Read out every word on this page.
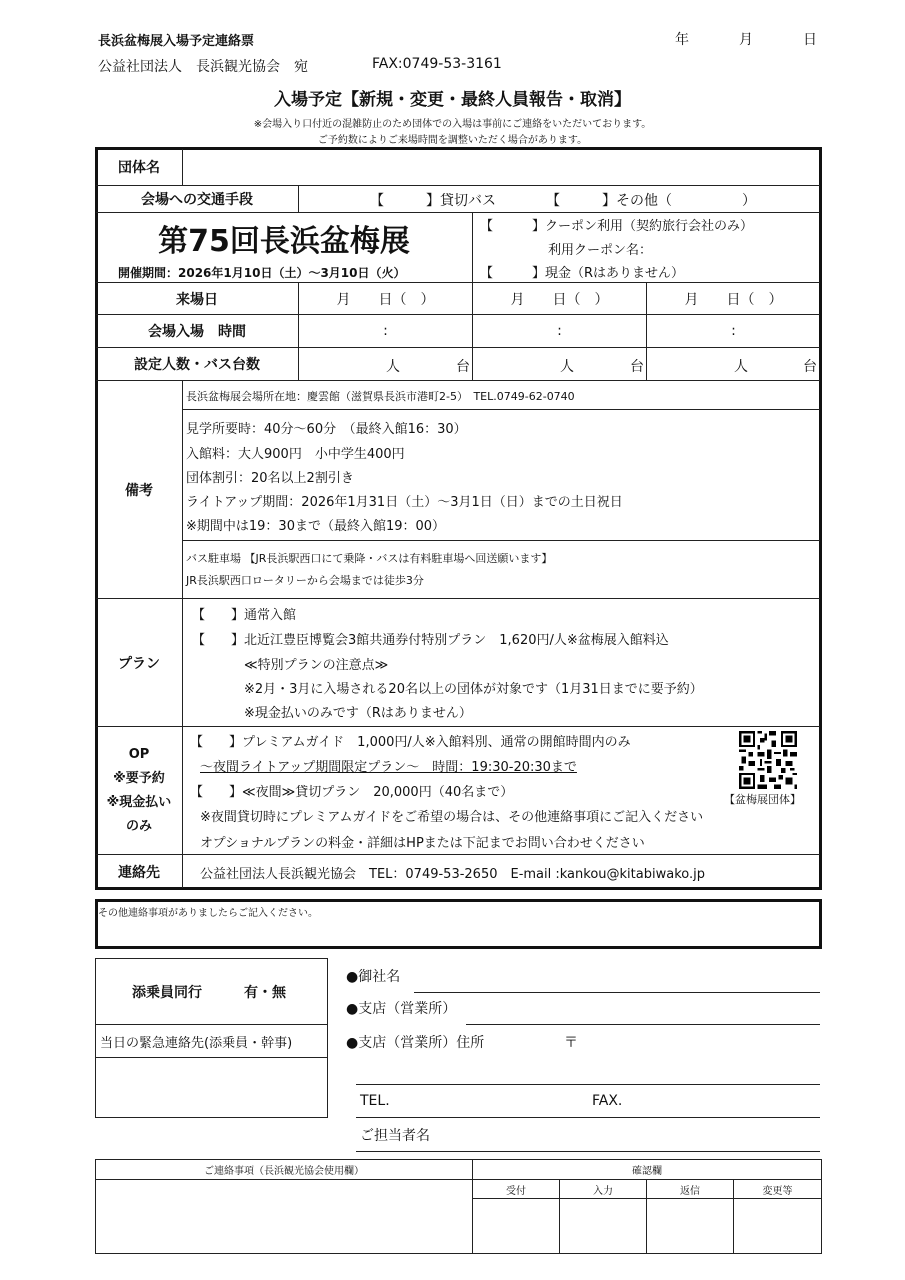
長浜盆梅展入場予定連絡票	年	月	日
公益社団法人　長浜観光協会　宛	FAX:0749-53-3161
入場予定【新規・変更・最終人員報告・取消】
※会場入り口付近の混雑防止のため団体での入場は事前にご連絡をいただいております。
ご予約数によりご来場時間を調整いただく場合があります。
団体名
会場への交通手段	【　　　】貸切バス	【　　　】その他（　　　　　）
第75回長浜盆梅展
開催期間：2026年1月10日（土）～3月10日（火）
【　　　】クーポン利用（契約旅行会社のみ）
利用クーポン名：
【　　　】現金（Rはありません）
来場日	月　　日（　）	月　　日（　）	月　　日（　）
会場入場　時間	:	:	:
設定人数・バス台数	人	台	人	台	人	台
備考
長浜盆梅展会場所在地：慶雲館（滋賀県長浜市港町2-5）　TEL.0749-62-0740
見学所要時：40分～60分　（最終入館16：30）
入館料：大人900円　小中学生400円
団体割引：20名以上2割引き
ライトアップ期間：2026年1月31日（土）～3月1日（日）までの土日祝日
※期間中は19：30まで（最終入館19：00）
バス駐車場 【JR長浜駅西口にて乗降・バスは有料駐車場へ回送願います】
JR長浜駅西口ロータリーから会場までは徒歩3分
プラン
【　　】通常入館
【　　】北近江豊臣博覧会3館共通券付特別プラン　1,620円/人※盆梅展入館料込
≪特別プランの注意点≫
※2月・3月に入場される20名以上の団体が対象です（1月31日までに要予約）
※現金払いのみです（Rはありません）
OP
※要予約
※現金払い
のみ
【　　】プレミアムガイド　1,000円/人※入館料別、通常の開館時間内のみ
～夜間ライトアップ期間限定プラン～　時間：19:30-20:30まで
【　　】≪夜間≫貸切プラン　20,000円（40名まで）
※夜間貸切時にプレミアムガイドをご希望の場合は、その他連絡事項にご記入ください
オプショナルプランの料金・詳細はHPまたは下記までお問い合わせください
【盆梅展団体】
連絡先	公益社団法人長浜観光協会　TEL：0749-53-2650　E-mail :kankou@kitabiwako.jp
その他連絡事項がありましたらご記入ください。
添乗員同行	有・無
当日の緊急連絡先(添乗員・幹事)
●御社名
●支店（営業所）
●支店（営業所）住所	〒
TEL.	FAX.
ご担当者名
ご連絡事項（長浜観光協会使用欄）	確認欄
受付	入力	返信	変更等
